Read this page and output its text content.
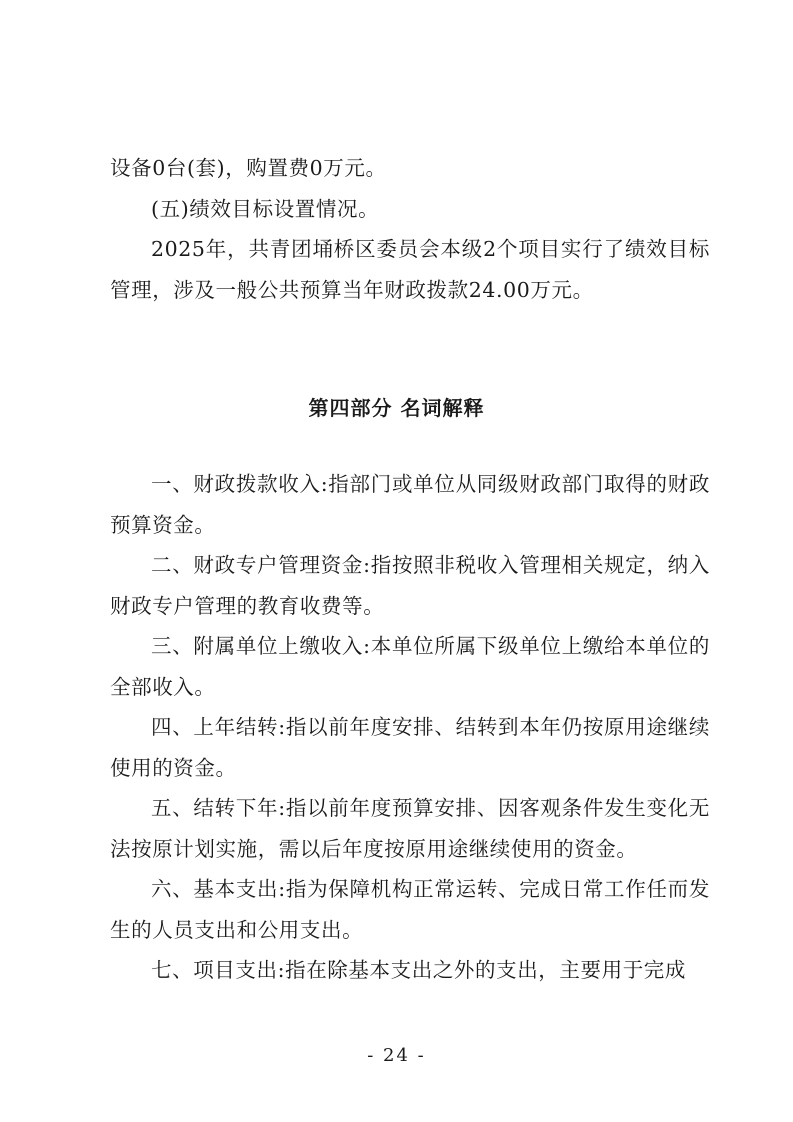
设备0台(套)，购置费0万元。

(五)绩效目标设置情况。

2025年，共青团埇桥区委员会本级2个项目实行了绩效目标管理，涉及一般公共预算当年财政拨款24.00万元。

第四部分 名词解释

一、财政拨款收入:指部门或单位从同级财政部门取得的财政预算资金。

二、财政专户管理资金:指按照非税收入管理相关规定，纳入财政专户管理的教育收费等。

三、附属单位上缴收入:本单位所属下级单位上缴给本单位的全部收入。

四、上年结转:指以前年度安排、结转到本年仍按原用途继续使用的资金。

五、结转下年:指以前年度预算安排、因客观条件发生变化无法按原计划实施，需以后年度按原用途继续使用的资金。

六、基本支出:指为保障机构正常运转、完成日常工作任而发生的人员支出和公用支出。

七、项目支出:指在除基本支出之外的支出，主要用于完成

- 24 -
